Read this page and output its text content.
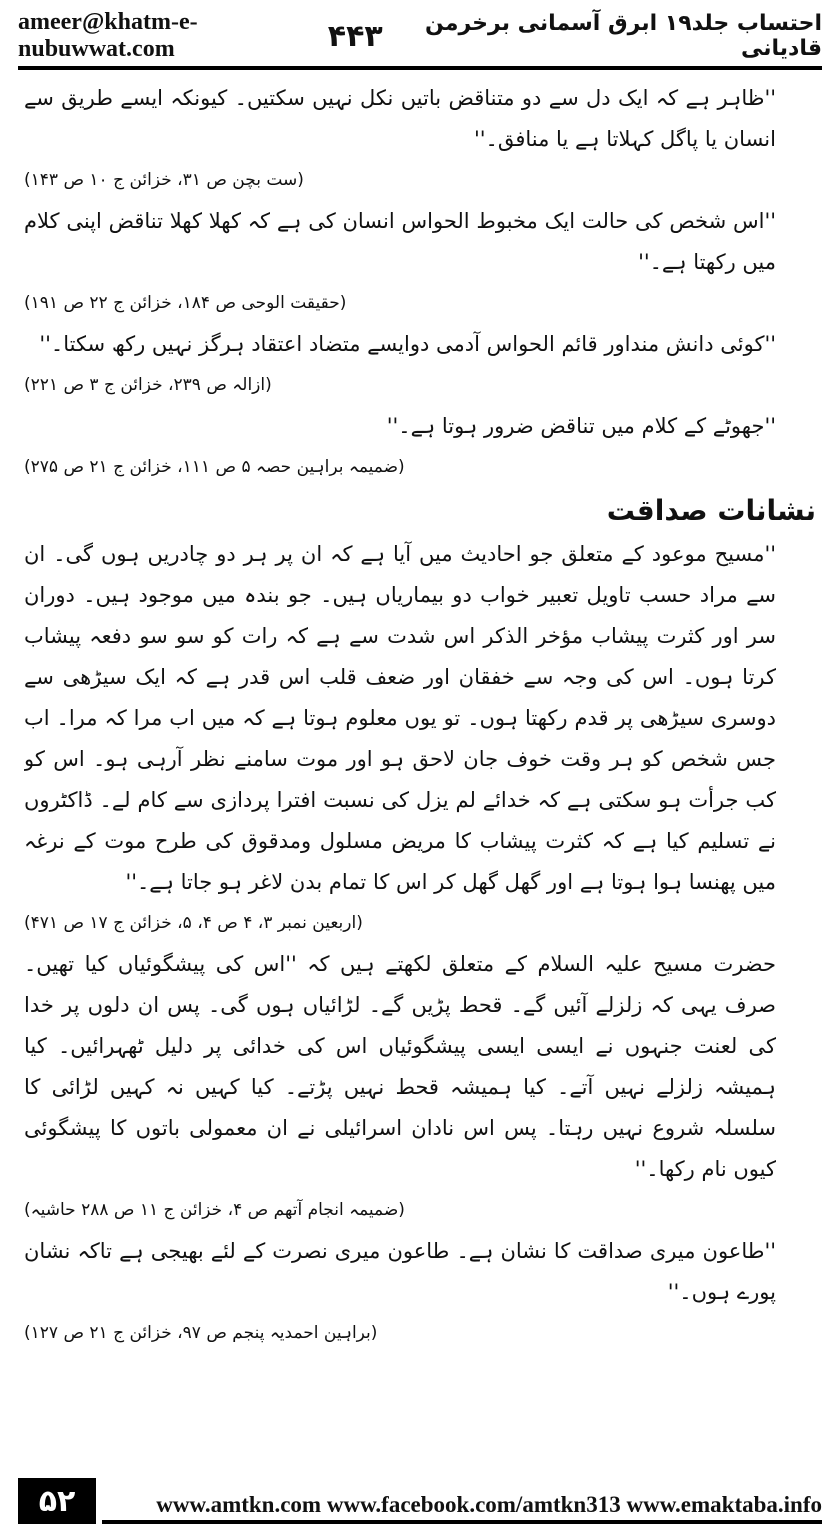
ameer@khatm-e-nubuwwat.com	۴۴۳	احتساب جلد۱۹ ابرق آسمانی برخرمن قادیانی

''ظاہر ہے کہ ایک دل سے دو متناقض باتیں نکل نہیں سکتیں۔ کیونکہ ایسے طریق سے انسان یا پاگل کہلاتا ہے یا منافق۔''

(ست بچن ص ۳۱، خزائن ج ۱۰ ص ۱۴۳)

''اس شخص کی حالت ایک مخبوط الحواس انسان کی ہے کہ کھلا کھلا تناقض اپنی کلام میں رکھتا ہے۔''

(حقیقت الوحی ص ۱۸۴، خزائن ج ۲۲ ص ۱۹۱)

''کوئی دانش منداور قائم الحواس آدمی دوایسے متضاد اعتقاد ہرگز نہیں رکھ سکتا۔''

(ازالہ ص ۲۳۹، خزائن ج ۳ ص ۲۲۱)

''جھوٹے کے کلام میں تناقض ضرور ہوتا ہے۔''

(ضمیمہ براہین حصہ ۵ ص ۱۱۱، خزائن ج ۲۱ ص ۲۷۵)

نشانات صداقت

''مسیح موعود کے متعلق جو احادیث میں آیا ہے کہ ان پر ہر دو چادریں ہوں گی۔ ان سے مراد حسب تاویل تعبیر خواب دو بیماریاں ہیں۔ جو بندہ میں موجود ہیں۔ دوران سر اور کثرت پیشاب مؤخر الذکر اس شدت سے ہے کہ رات کو سو سو دفعہ پیشاب کرتا ہوں۔ اس کی وجہ سے خفقان اور ضعف قلب اس قدر ہے کہ ایک سیڑھی سے دوسری سیڑھی پر قدم رکھتا ہوں۔ تو یوں معلوم ہوتا ہے کہ میں اب مرا کہ مرا۔ اب جس شخص کو ہر وقت خوف جان لاحق ہو اور موت سامنے نظر آرہی ہو۔ اس کو کب جرأت ہو سکتی ہے کہ خدائے لم یزل کی نسبت افترا پردازی سے کام لے۔ ڈاکٹروں نے تسلیم کیا ہے کہ کثرت پیشاب کا مریض مسلول ومدقوق کی طرح موت کے نرغہ میں پھنسا ہوا ہوتا ہے اور گھل گھل کر اس کا تمام بدن لاغر ہو جاتا ہے۔''

(اربعین نمبر ۳، ۴ ص ۴، ۵، خزائن ج ۱۷ ص ۴۷۱)

حضرت مسیح علیہ السلام کے متعلق لکھتے ہیں کہ ''اس کی پیشگوئیاں کیا تھیں۔ صرف یہی کہ زلزلے آئیں گے۔ قحط پڑیں گے۔ لڑائیاں ہوں گی۔ پس ان دلوں پر خدا کی لعنت جنہوں نے ایسی ایسی پیشگوئیاں اس کی خدائی پر دلیل ٹھہرائیں۔ کیا ہمیشہ زلزلے نہیں آتے۔ کیا ہمیشہ قحط نہیں پڑتے۔ کیا کہیں نہ کہیں لڑائی کا سلسلہ شروع نہیں رہتا۔ پس اس نادان اسرائیلی نے ان معمولی باتوں کا پیشگوئی کیوں نام رکھا۔''

(ضمیمہ انجام آتھم ص ۴، خزائن ج ۱۱ ص ۲۸۸ حاشیہ)

''طاعون میری صداقت کا نشان ہے۔ طاعون میری نصرت کے لئے بھیجی ہے تاکہ نشان پورے ہوں۔''

(براہین احمدیہ پنجم ص ۹۷، خزائن ج ۲۱ ص ۱۲۷)

۵۲	www.amtkn.com www.facebook.com/amtkn313 www.emaktaba.info
